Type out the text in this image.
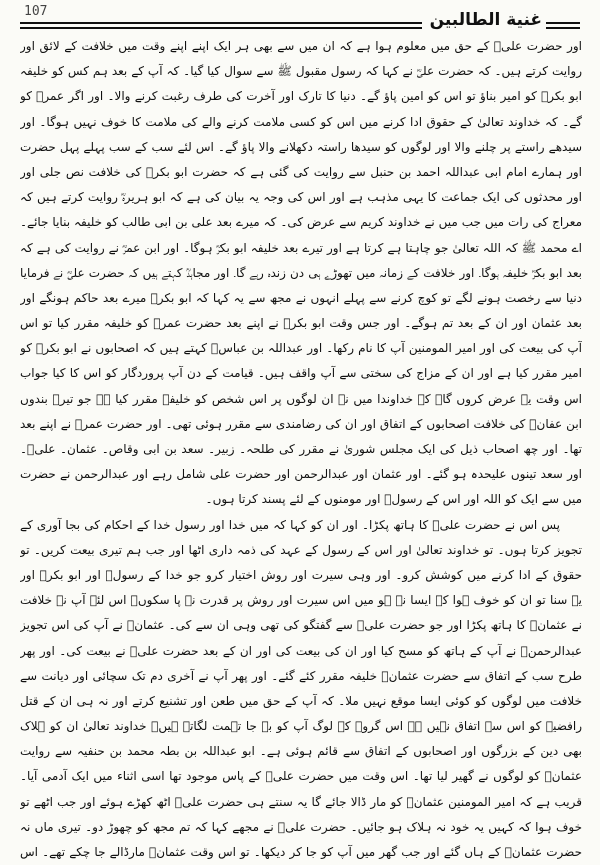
107	غنية الطالبين
اور حضرت علیؓ کے حق میں معلوم ہوا ہے کہ ان میں سے بھی ہر ایک اپنے اپنے وقت میں خلافت کے لائق اور
روایت کرتے ہیں۔ کہ حضرت علیؓ نے کہا کہ رسول مقبول ﷺ سے سوال کیا گیا۔ کہ آپ کے بعد ہم کس کو خلیفہ
ابو بکرؓ کو امیر بناؤ تو اس کو امین پاؤ گے۔ دنیا کا تارک اور آخرت کی طرف رغبت کرنے والا۔ اور اگر عمرؓ کو
گے۔ کہ خداوند تعالیٰ کے حقوق ادا کرنے میں اس کو کسی ملامت کرنے والے کی ملامت کا خوف نہیں ہوگا۔ اور
سیدھے راستے پر چلنے والا اور لوگوں کو سیدھا راستہ دکھلانے والا پاؤ گے۔ اس لئے سب کے سب پہلے پہل حضرت
اور ہمارے امام ابی عبداللہ احمد بن حنبل سے روایت کی گئی ہے کہ حضرت ابو بکرؓ کی خلافت نص جلی اور
اور محدثوں کی ایک جماعت کا یہی مذہب ہے اور اس کی وجہ یہ بیان کی ہے کہ ابو ہریرہؓ روایت کرتے ہیں کہ
معراج کی رات میں جب میں نے خداوند کریم سے عرض کی۔ کہ میرے بعد علی بن ابی طالب کو خلیفہ بنایا جائے۔
اے محمد ﷺ کہ اللہ تعالیٰ جو چاہتا ہے کرتا ہے اور تیرے بعد خلیفہ ابو بکرؓ ہوگا۔ اور ابن عمرؓ نے روایت کی ہے کہ
بعد ابو بکرؓ خلیفہ ہوگا۔ اور خلافت کے زمانہ میں تھوڑے ہی دن زندہ رہے گا۔ اور مجاہدؒ کہتے ہیں کہ حضرت علیؓ نے فرمایا
دنیا سے رخصت ہونے لگے تو کوچ کرنے سے پہلے انہوں نے مجھ سے یہ کہا کہ ابو بکرؓ میرے بعد حاکم ہونگے اور
بعد عثمان اور ان کے بعد تم ہوگے۔ اور جس وقت ابو بکرؓ نے اپنے بعد حضرت عمرؓ کو خلیفہ مقرر کیا تو اس
آپ کی بیعت کی اور امیر المومنین آپ کا نام رکھا۔ اور عبداللہ بن عباسؓ کہتے ہیں کہ اصحابوں نے ابو بکرؓ کو
امیر مقرر کیا ہے اور ان کے مزاج کی سختی سے آپ واقف ہیں۔ قیامت کے دن آپ پروردگار کو اس کا کیا جواب
اس وقت یہ عرض کروں گا۔ کہ خداوندا میں نے ان لوگوں پر اس شخص کو خلیفہ مقرر کیا ہے جو تیرے بندوں
ابن عفانؓ کی خلافت اصحابوں کے اتفاق اور ان کی رضامندی سے مقرر ہوئی تھی۔ اور حضرت عمرؓ نے اپنے بعد
تھا۔ اور چھ اصحاب ذیل کی ایک مجلس شوریٰ نے مقرر کی طلحہ۔ زبیر۔ سعد بن ابی وقاص۔ عثمان۔ علیؓ۔
اور سعد تینوں علیحدہ ہو گئے۔ اور عثمان اور عبدالرحمن اور حضرت علی شامل رہے اور عبدالرحمن نے حضرت
میں سے ایک کو اللہ اور اس کے رسولؐ اور مومنوں کے لئے پسند کرتا ہوں۔
پس اس نے حضرت علیؓ کا ہاتھ پکڑا۔ اور ان کو کہا کہ میں خدا اور رسول خدا کے احکام کی بجا آوری کے
تجویز کرتا ہوں۔ تو خداوند تعالیٰ اور اس کے رسول کے عہد کی ذمہ داری اٹھا اور جب ہم تیری بیعت کریں۔ تو
حقوق کے ادا کرنے میں کوشش کرو۔ اور وہی سیرت اور روش اختیار کرو جو خدا کے رسولؐ اور ابو بکرؓ اور
یہ سنا تو ان کو خوف ہوا کہ ایسا نہ ہو میں اس سیرت اور روش پر قدرت نہ پا سکوں۔ اس لئے آپ نے خلافت
نے عثمانؓ کا ہاتھ پکڑا اور جو حضرت علیؓ سے گفتگو کی تھی وہی ان سے کی۔ عثمانؓ نے آپ کی اس تجویز
عبدالرحمنؓ نے آپ کے ہاتھ کو مسح کیا اور ان کی بیعت کی اور ان کے بعد حضرت علیؓ نے بیعت کی۔ اور پھر
طرح سب کے اتفاق سے حضرت عثمانؓ خلیفہ مقرر کئے گئے۔ اور پھر آپ نے آخری دم تک سچائی اور دیانت سے
خلافت میں لوگوں کو کوئی ایسا موقع نہیں ملا۔ کہ آپ کے حق میں طعن اور تشنیع کرتے اور نہ ہی ان کے قتل
رافضیہ کو اس سے اتفاق نہیں ہے اس گروہ کے لوگ آپ کو بے جا تہمت لگاتے ہیں۔ خداوند تعالیٰ ان کو ہلاک
بھی دین کے بزرگوں اور اصحابوں کے اتفاق سے قائم ہوئی ہے۔ ابو عبداللہ بن بطہ محمد بن حنفیہ سے روایت
عثمانؓ کو لوگوں نے گھیر لیا تھا۔ اس وقت میں حضرت علیؓ کے پاس موجود تھا اسی اثناء میں ایک آدمی آیا۔
قریب ہے کہ امیر المومنین عثمانؓ کو مار ڈالا جائے گا یہ سنتے ہی حضرت علیؓ اٹھ کھڑے ہوئے اور جب اٹھے تو
خوف ہوا کہ کہیں یہ خود نہ ہلاک ہو جائیں۔ حضرت علیؓ نے مجھے کہا کہ تم مجھ کو چھوڑ دو۔ تیری ماں نہ
حضرت عثمانؓ کے ہاں گئے اور جب گھر میں آپ کو جا کر دیکھا۔ تو اس وقت عثمانؓ مارڈالے جا چکے تھے۔ اس
